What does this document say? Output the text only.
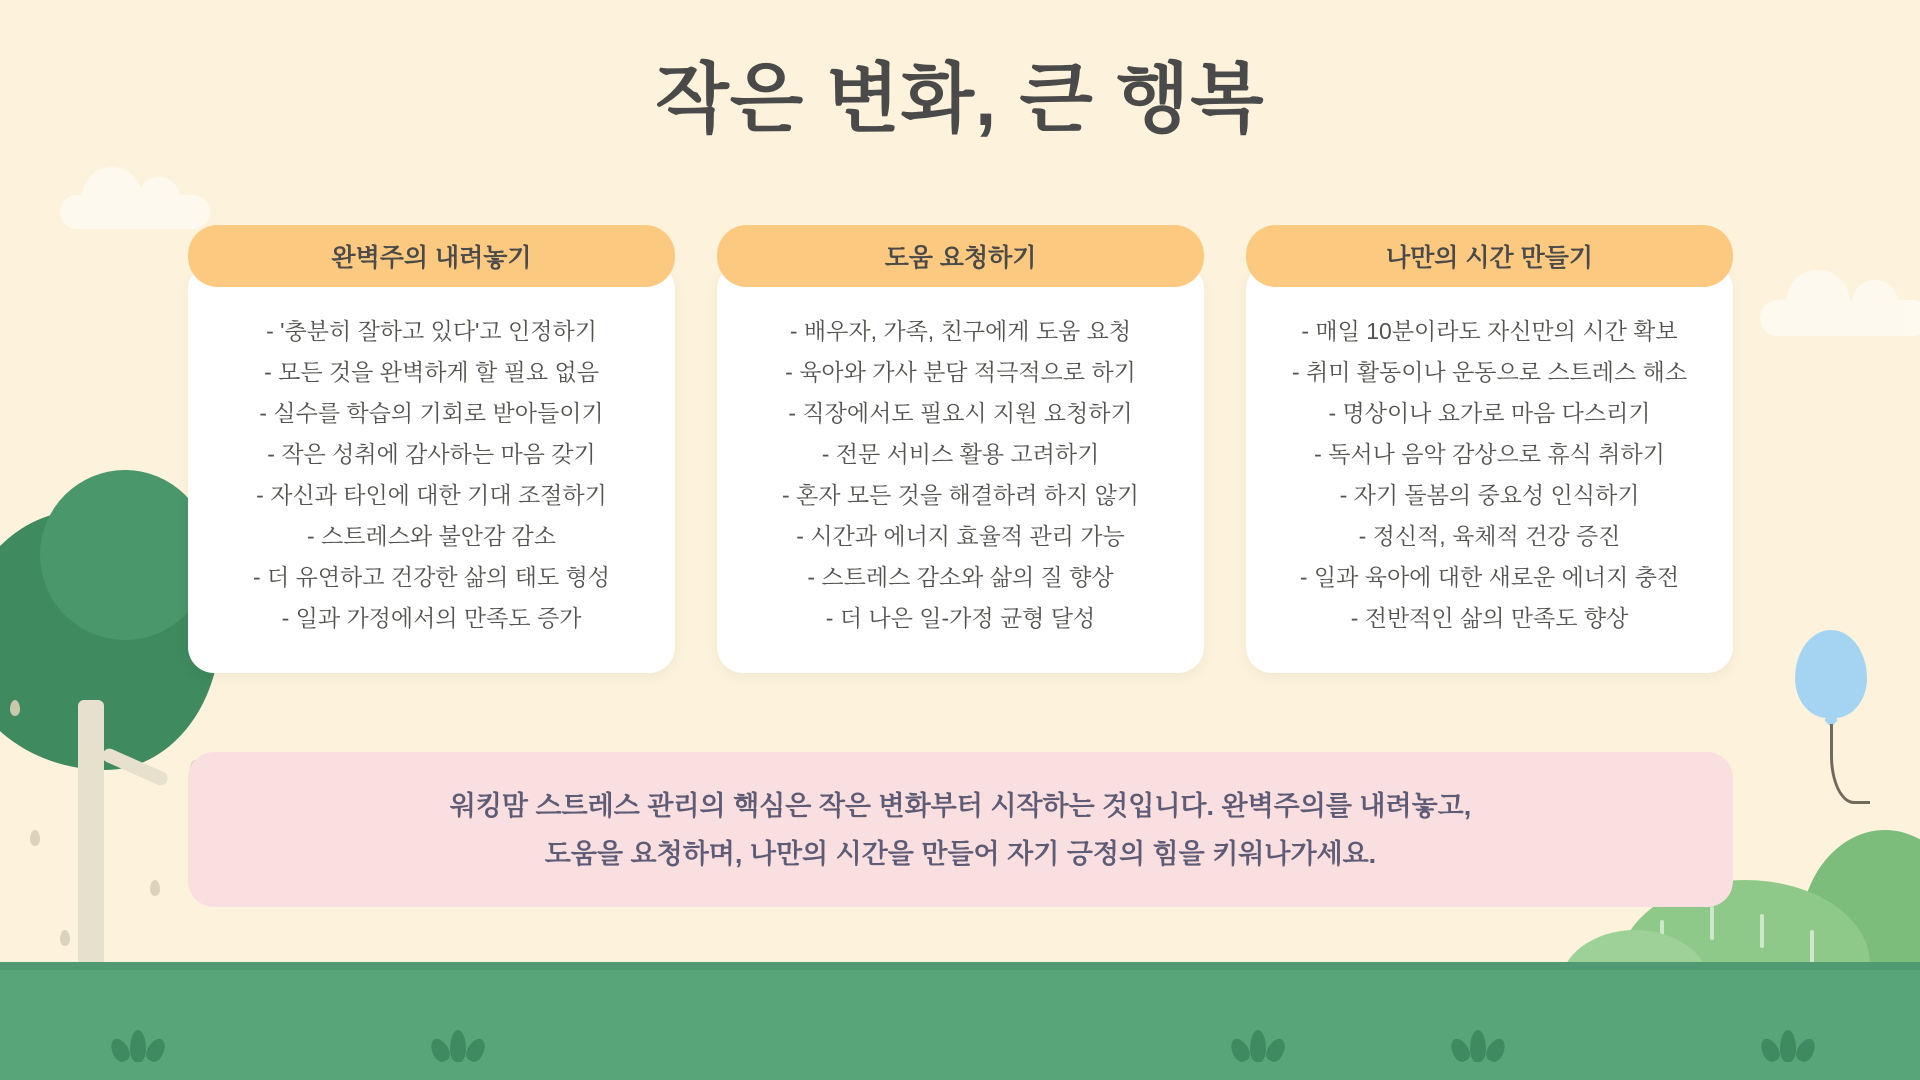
작은 변화, 큰 행복
완벽주의 내려놓기
- '충분히 잘하고 있다'고 인정하기
- 모든 것을 완벽하게 할 필요 없음
- 실수를 학습의 기회로 받아들이기
- 작은 성취에 감사하는 마음 갖기
- 자신과 타인에 대한 기대 조절하기
- 스트레스와 불안감 감소
- 더 유연하고 건강한 삶의 태도 형성
- 일과 가정에서의 만족도 증가
도움 요청하기
- 배우자, 가족, 친구에게 도움 요청
- 육아와 가사 분담 적극적으로 하기
- 직장에서도 필요시 지원 요청하기
- 전문 서비스 활용 고려하기
- 혼자 모든 것을 해결하려 하지 않기
- 시간과 에너지 효율적 관리 가능
- 스트레스 감소와 삶의 질 향상
- 더 나은 일-가정 균형 달성
나만의 시간 만들기
- 매일 10분이라도 자신만의 시간 확보
- 취미 활동이나 운동으로 스트레스 해소
- 명상이나 요가로 마음 다스리기
- 독서나 음악 감상으로 휴식 취하기
- 자기 돌봄의 중요성 인식하기
- 정신적, 육체적 건강 증진
- 일과 육아에 대한 새로운 에너지 충전
- 전반적인 삶의 만족도 향상

워킹맘 스트레스 관리의 핵심은 작은 변화부터 시작하는 것입니다. 완벽주의를 내려놓고,

도움을 요청하며, 나만의 시간을 만들어 자기 긍정의 힘을 키워나가세요.
